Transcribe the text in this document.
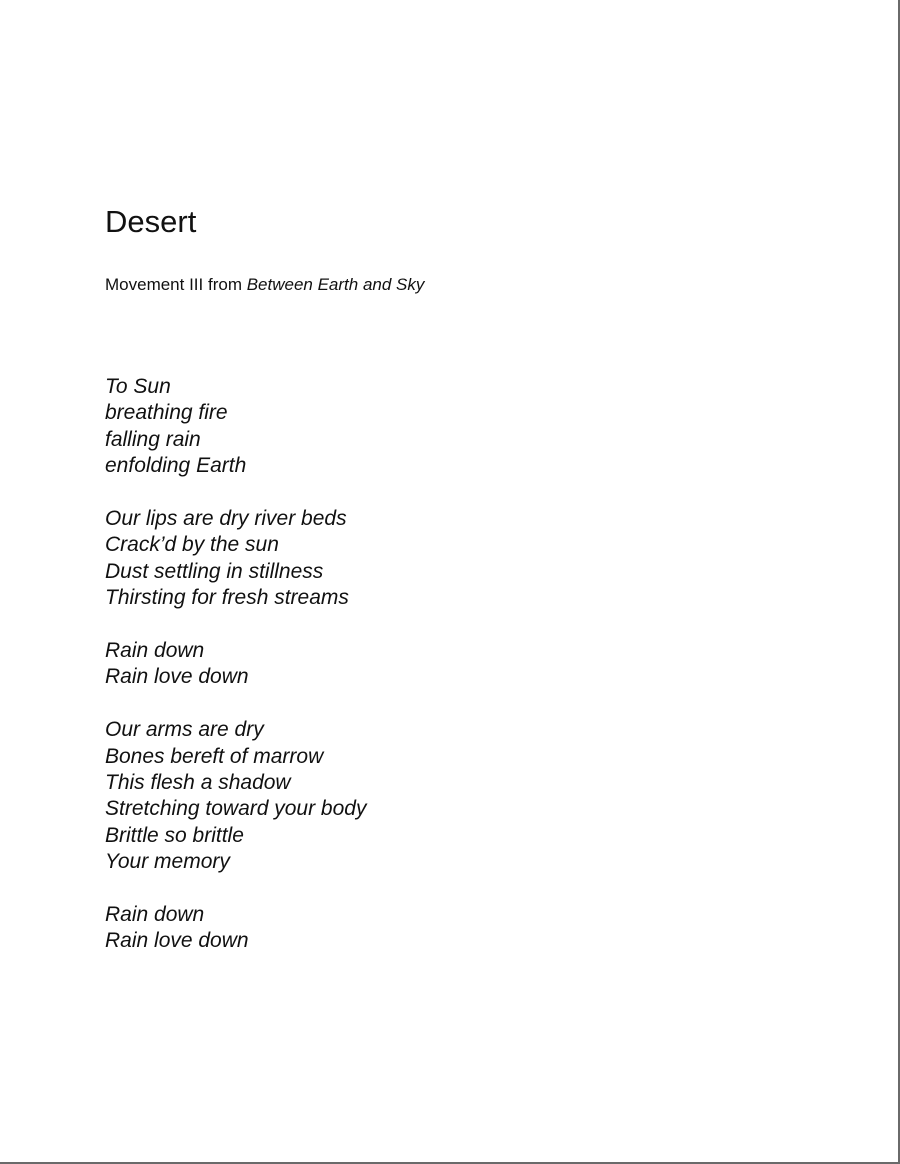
Desert

Movement III from Between Earth and Sky

To Sun
breathing fire
falling rain
enfolding Earth
Our lips are dry river beds
Crack’d by the sun
Dust settling in stillness
Thirsting for fresh streams
Rain down
Rain love down
Our arms are dry
Bones bereft of marrow
This flesh a shadow
Stretching toward your body
Brittle so brittle
Your memory
Rain down
Rain love down
